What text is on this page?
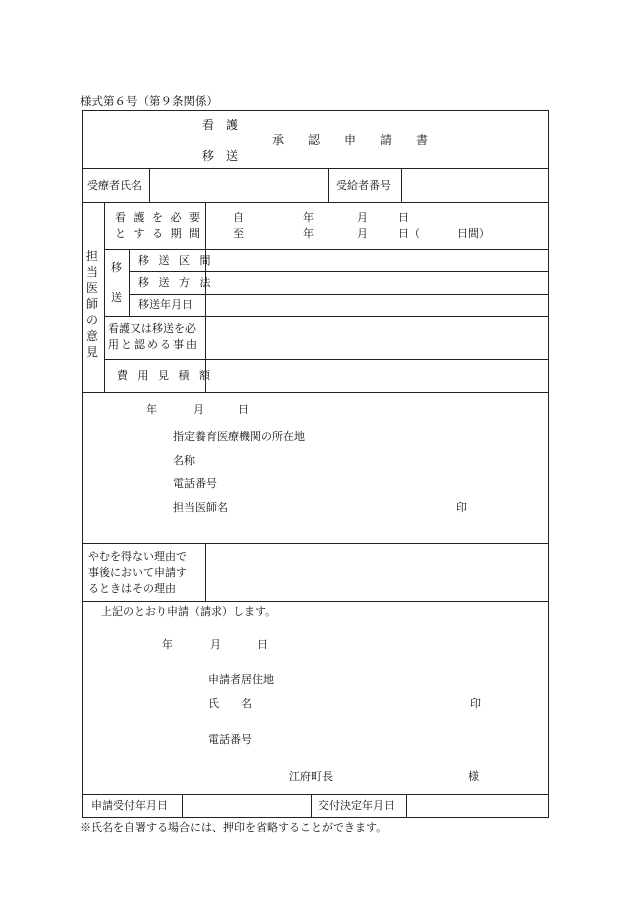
様式第６号（第９条関係）
看　護
承　認　申　請　書
移　送
受療者氏名	受給者番号
担当医師の意見
看 護 を 必 要
と す る 期 間
自	年	月	日
至	年	月	日（	日間）
移
送
移 送 区 間
移 送 方 法
移送年月日
看護又は移送を必
用と認める事由
費 用 見 積 額
年	月	日
指定養育医療機関の所在地
名称
電話番号
担当医師名	印
やむを得ない理由で
事後において申請す
るときはその理由
上記のとおり申請（請求）します。
年	月	日
申請者居住地
氏　　名	印
電話番号
江府町長	様
申請受付年月日	交付決定年月日
※氏名を自署する場合には、押印を省略することができます。
